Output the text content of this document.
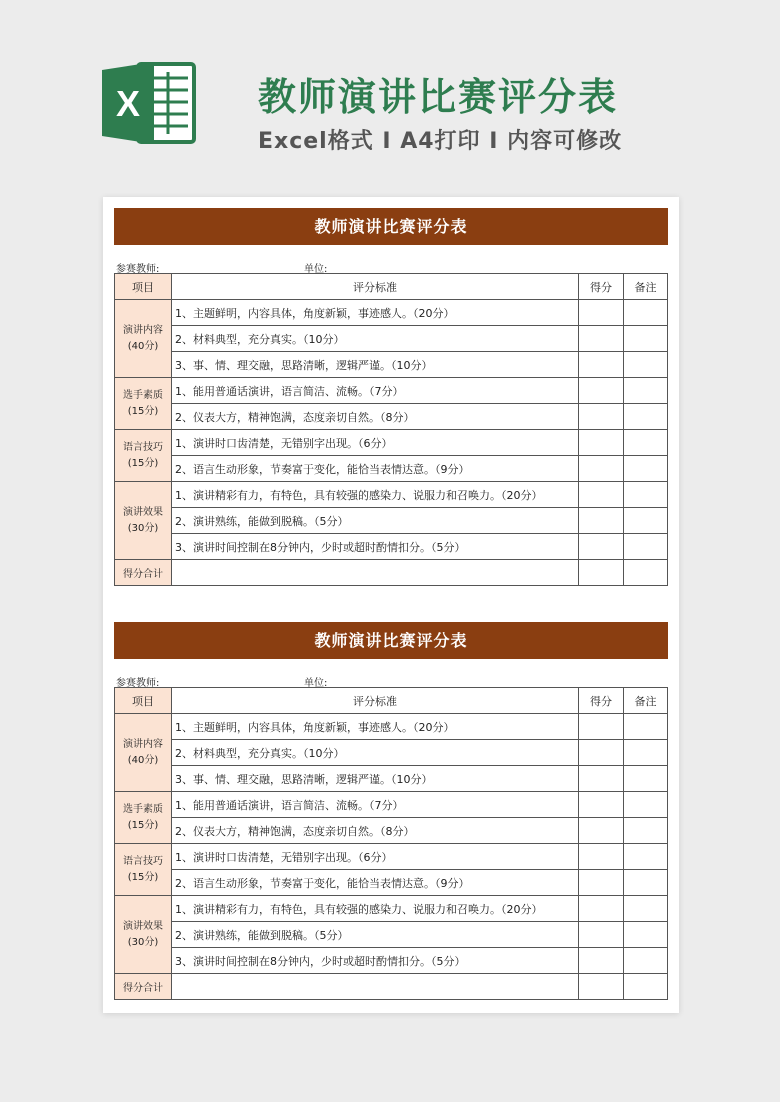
X	教师演讲比赛评分表
Excel格式 I A4打印 I 内容可修改
教师演讲比赛评分表
参赛教师:	单位:
项目	评分标准	得分	备注
演讲内容
(40分)	1、主题鲜明，内容具体，角度新颖，事迹感人。（20分）		
	2、材料典型，充分真实。（10分）		
	3、事、情、理交融，思路清晰，逻辑严谨。（10分）		
选手素质
(15分)	1、能用普通话演讲，语言简洁、流畅。（7分）		
	2、仪表大方，精神饱满，态度亲切自然。（8分）		
语言技巧
(15分)	1、演讲时口齿清楚，无错别字出现。（6分）		
	2、语言生动形象，节奏富于变化，能恰当表情达意。（9分）		
演讲效果
(30分)	1、演讲精彩有力，有特色，具有较强的感染力、说服力和召唤力。（20分）		
	2、演讲熟练，能做到脱稿。（5分）		
	3、演讲时间控制在8分钟内，少时或超时酌情扣分。（5分）		
得分合计			
教师演讲比赛评分表
参赛教师:	单位:
项目	评分标准	得分	备注
演讲内容
(40分)	1、主题鲜明，内容具体，角度新颖，事迹感人。（20分）		
	2、材料典型，充分真实。（10分）		
	3、事、情、理交融，思路清晰，逻辑严谨。（10分）		
选手素质
(15分)	1、能用普通话演讲，语言简洁、流畅。（7分）		
	2、仪表大方，精神饱满，态度亲切自然。（8分）		
语言技巧
(15分)	1、演讲时口齿清楚，无错别字出现。（6分）		
	2、语言生动形象，节奏富于变化，能恰当表情达意。（9分）		
演讲效果
(30分)	1、演讲精彩有力，有特色，具有较强的感染力、说服力和召唤力。（20分）		
	2、演讲熟练，能做到脱稿。（5分）		
	3、演讲时间控制在8分钟内，少时或超时酌情扣分。（5分）		
得分合计			
